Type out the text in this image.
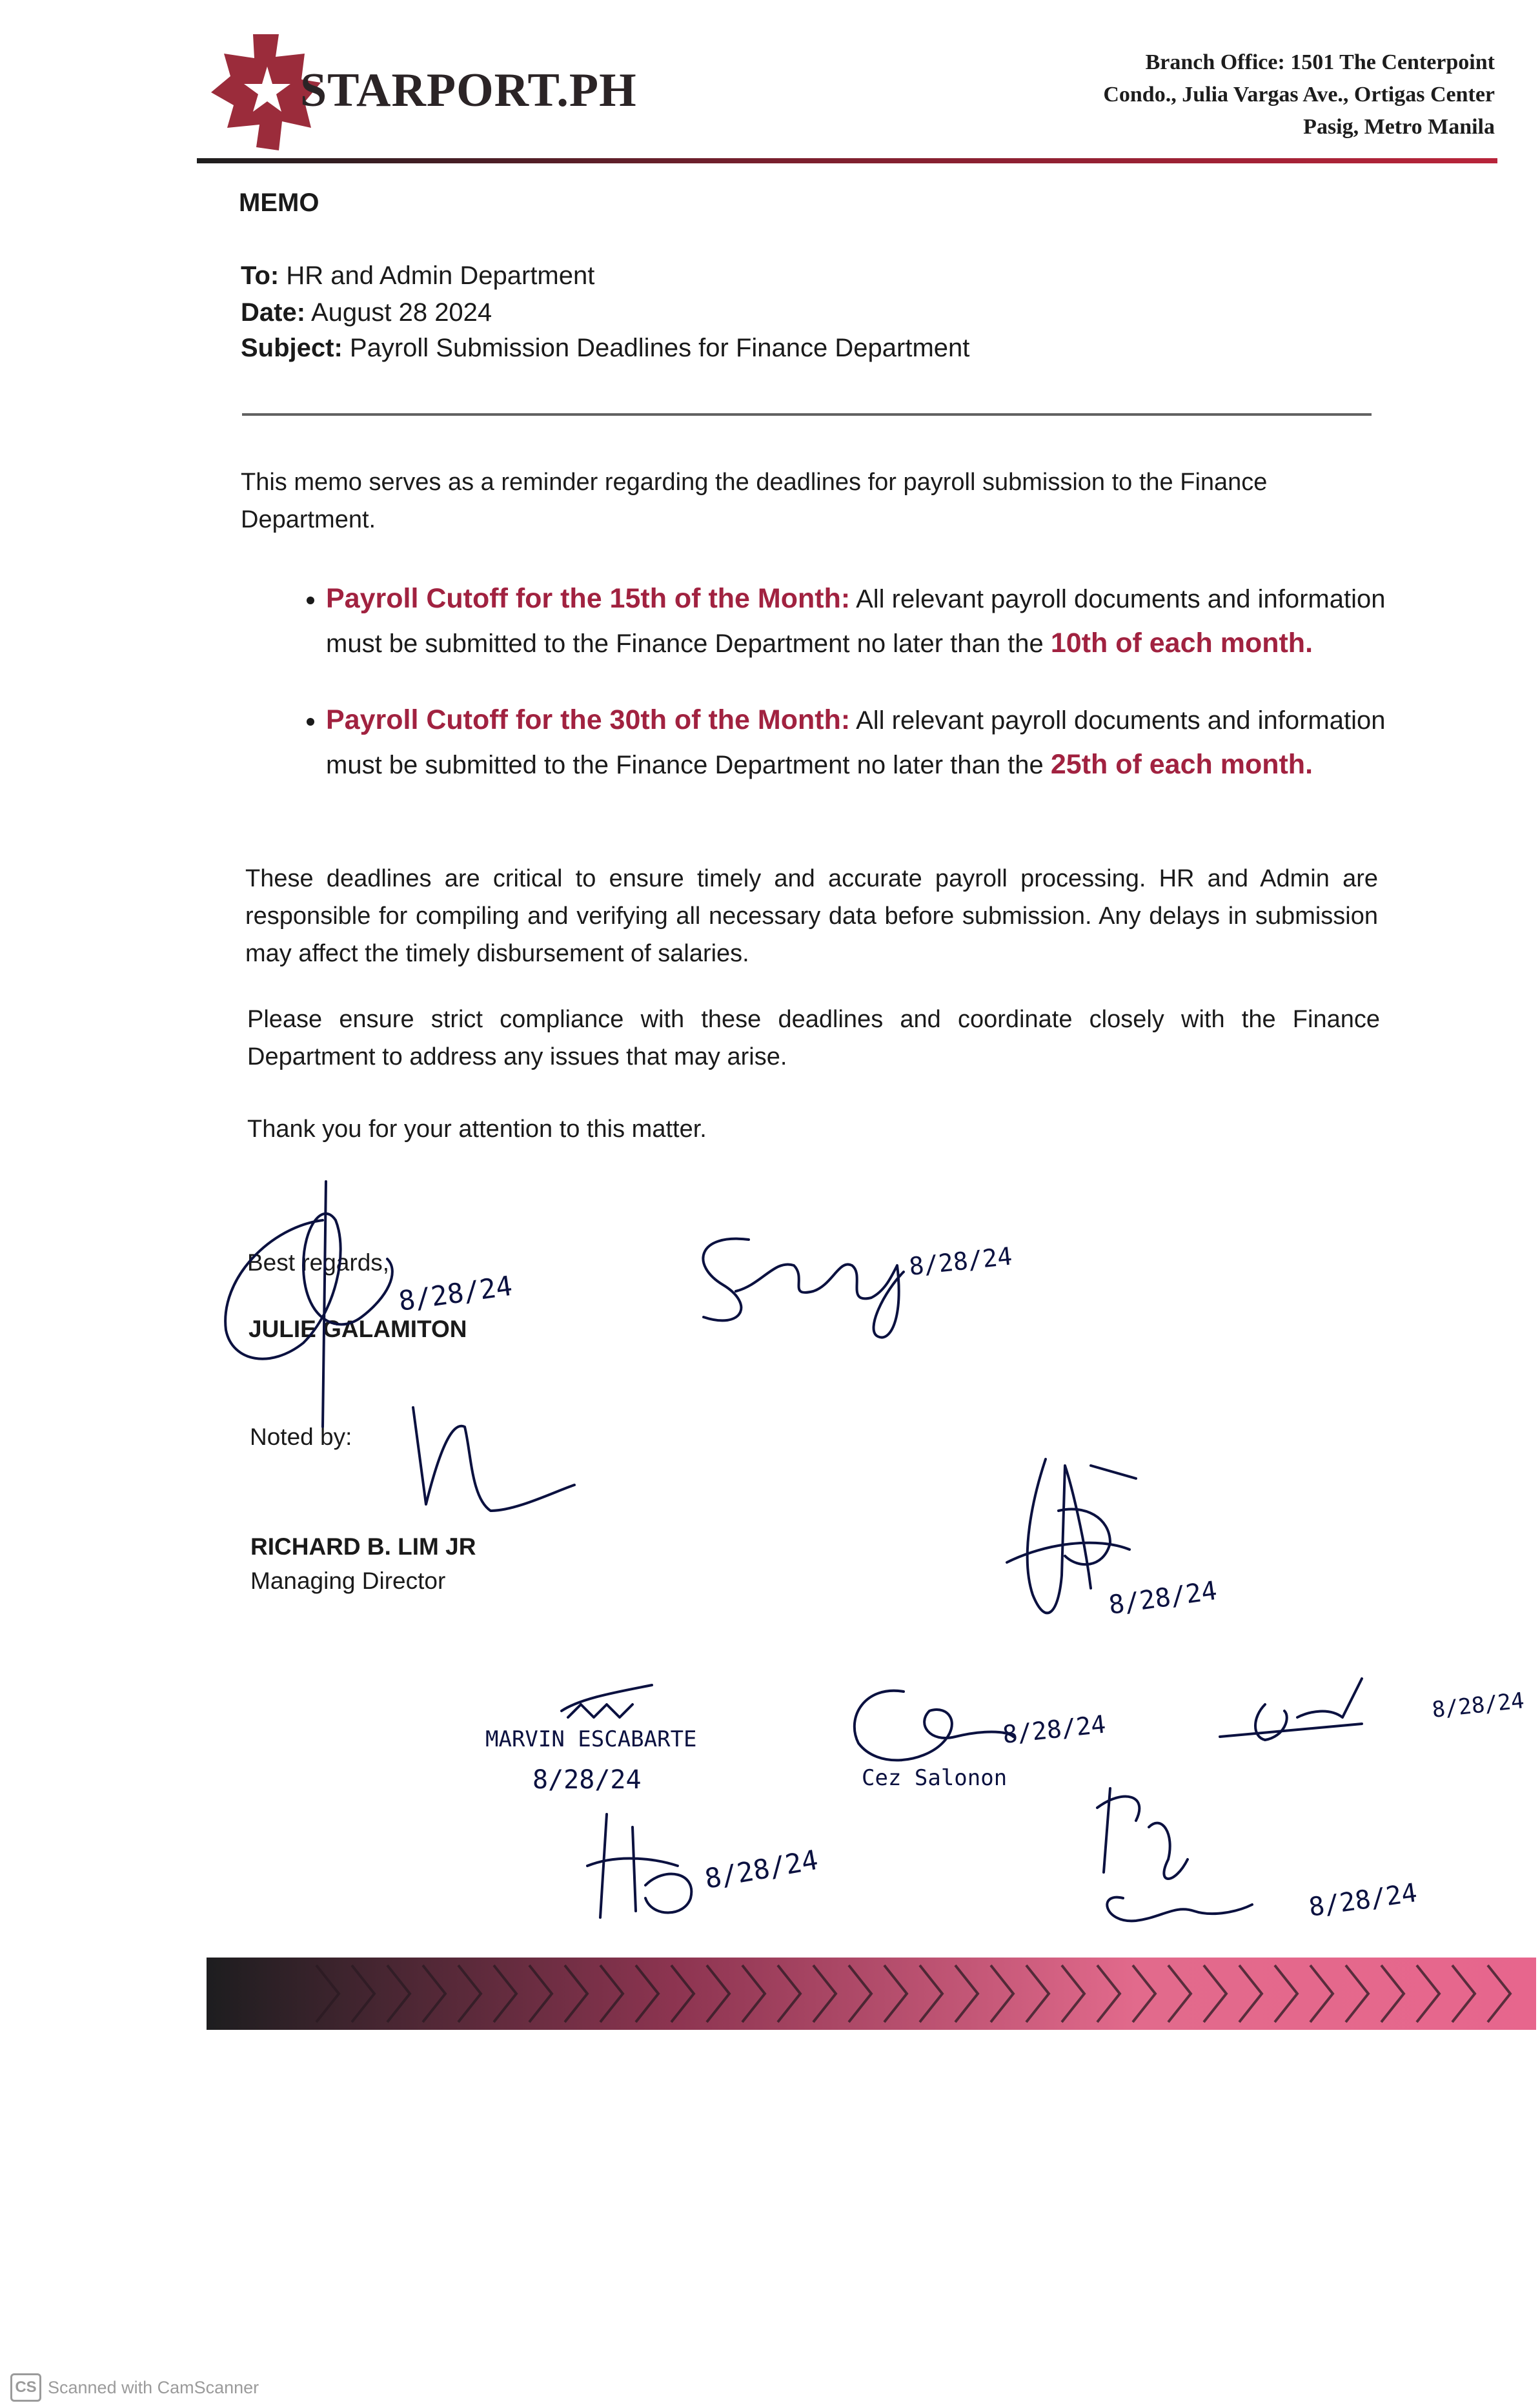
STARPORT.PH
Branch Office: 1501 The Centerpoint
Condo., Julia Vargas Ave., Ortigas Center
Pasig, Metro Manila
MEMO
To: HR and Admin Department
Date: August 28 2024
Subject: Payroll Submission Deadlines for Finance Department
This memo serves as a reminder regarding the deadlines for payroll submission to the Finance Department.
• Payroll Cutoff for the 15th of the Month: All relevant payroll documents and information must be submitted to the Finance Department no later than the 10th of each month.
• Payroll Cutoff for the 30th of the Month: All relevant payroll documents and information must be submitted to the Finance Department no later than the 25th of each month.
These deadlines are critical to ensure timely and accurate payroll processing. HR and Admin are responsible for compiling and verifying all necessary data before submission. Any delays in submission may affect the timely disbursement of salaries.
Please ensure strict compliance with these deadlines and coordinate closely with the Finance Department to address any issues that may arise.
Thank you for your attention to this matter.
Best regards,
JULIE GALAMITON
Noted by:
RICHARD B. LIM JR
Managing Director
8/28/24
8/28/24
8/28/24
MARVIN ESCABARTE
8/28/24	Cez Salonon
8/28/24
8/28/24
8/28/24
8/28/24
CS Scanned with CamScanner
